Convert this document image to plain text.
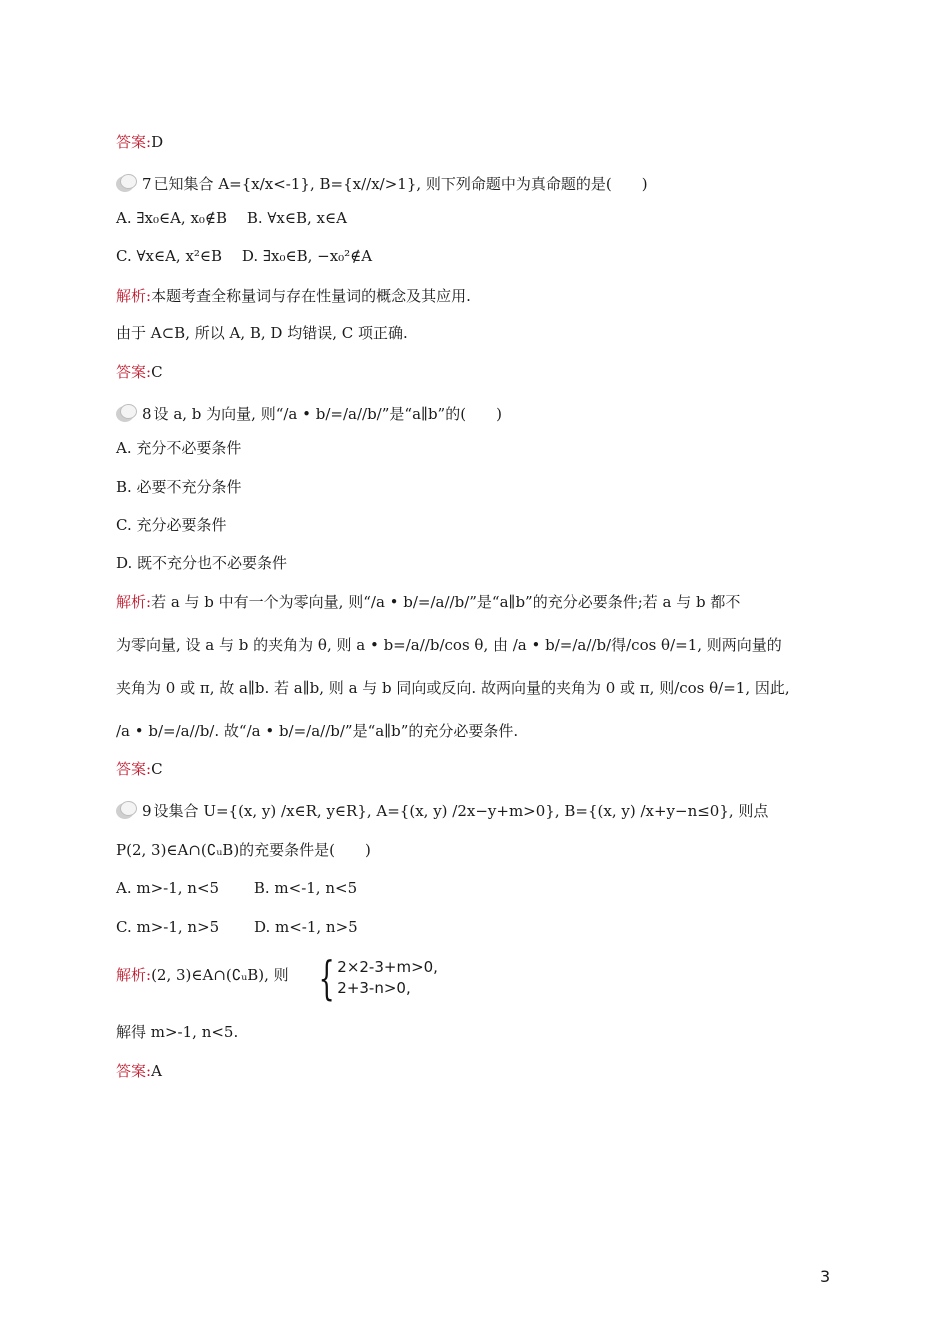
答案:D
7 已知集合 A={x/x<-1}, B={x//x/>1}, 则下列命题中为真命题的是(　　)
A. ∃x₀∈A, x₀∉B　 B. ∀x∈B, x∈A
C. ∀x∈A, x²∈B　 D. ∃x₀∈B, −x₀²∉A
解析:本题考查全称量词与存在性量词的概念及其应用.
由于 A⊂B, 所以 A, B, D 均错误, C 项正确.
答案:C
8 设 a, b 为向量, 则“/a • b/=/a//b/”是“a∥b”的(　　)
A. 充分不必要条件
B. 必要不充分条件
C. 充分必要条件
D. 既不充分也不必要条件
解析:若 a 与 b 中有一个为零向量, 则“/a • b/=/a//b/”是“a∥b”的充分必要条件;若 a 与 b 都不
为零向量, 设 a 与 b 的夹角为 θ, 则 a • b=/a//b/cos θ, 由 /a • b/=/a//b/得/cos θ/=1, 则两向量的
夹角为 0 或 π, 故 a∥b. 若 a∥b, 则 a 与 b 同向或反向. 故两向量的夹角为 0 或 π, 则/cos θ/=1, 因此,
/a • b/=/a//b/. 故“/a • b/=/a//b/”是“a∥b”的充分必要条件.
答案:C
9 设集合 U={(x, y) /x∈R, y∈R}, A={(x, y) /2x−y+m>0}, B={(x, y) /x+y−n≤0}, 则点
P(2, 3)∈A∩(∁ᵤB)的充要条件是(　　)
A. m>-1, n<5　　 B. m<-1, n<5
C. m>-1, n>5　　 D. m<-1, n>5
解析:(2, 3)∈A∩(∁ᵤB), 则
解得 m>-1, n<5.
答案:A
{ 2×2-3+m>0,
2+3-n>0,
3
